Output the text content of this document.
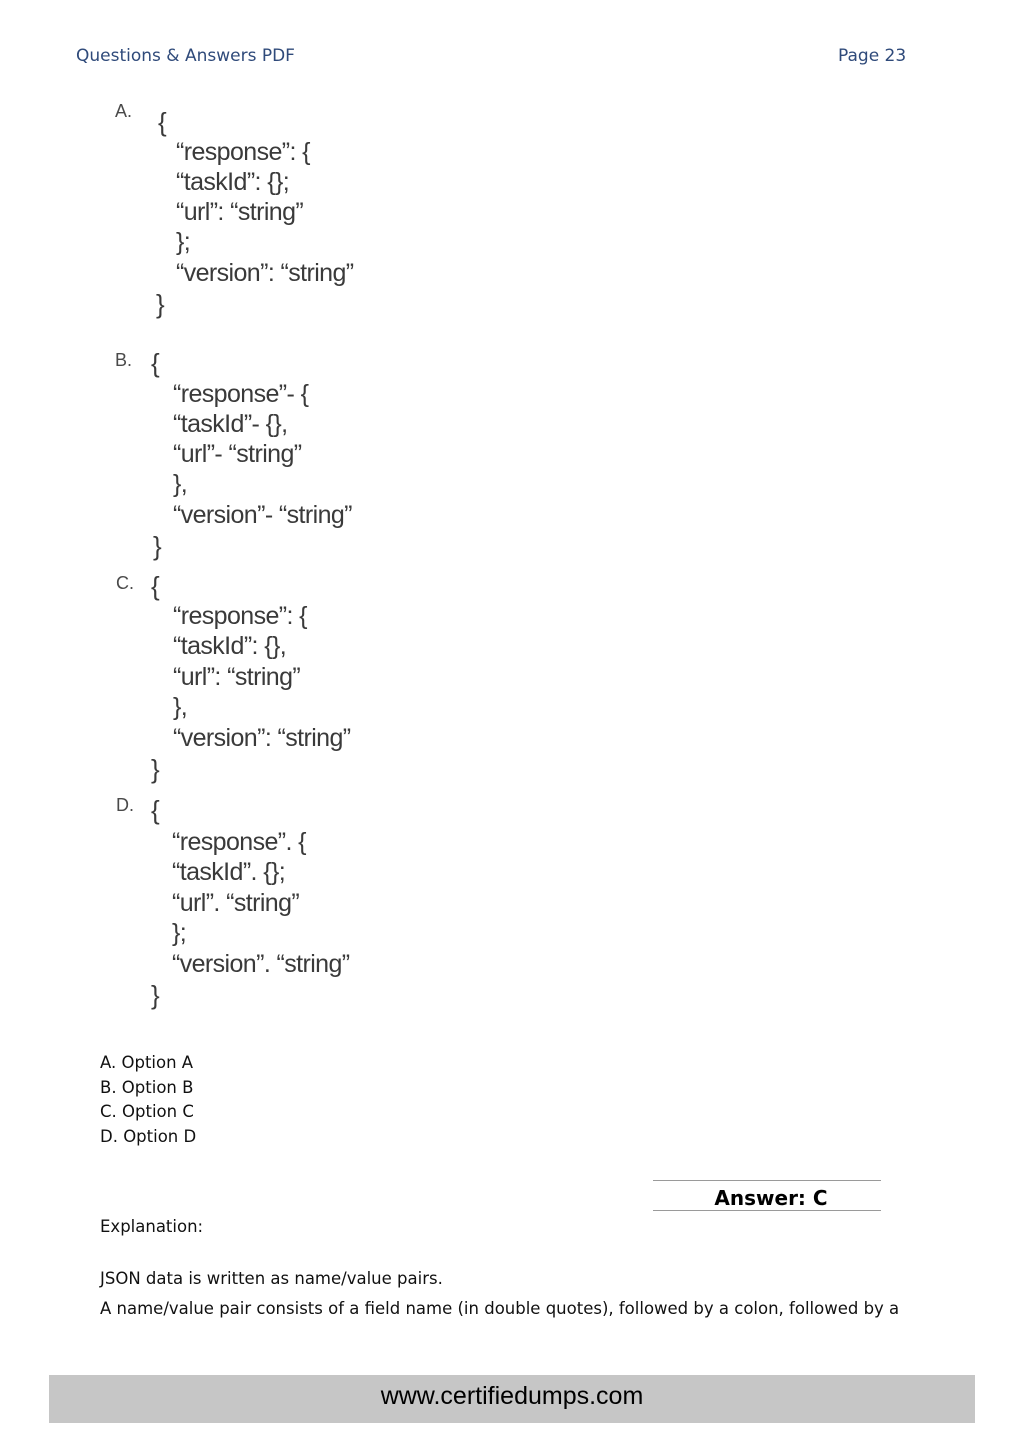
Questions & Answers PDF	Page 23
A. {
“response”: {
“taskId”: {};
“url”: “string”
};
“version”: “string”
}
B. {
“response”- {
“taskId”- {},
“url”- “string”
},
“version”- “string”
}
C. {
“response”: {
“taskId”: {},
“url”: “string”
},
“version”: “string”
}
D. {
“response”. {
“taskId”. {};
“url”. “string”
};
“version”. “string”
}
A. Option A
B. Option B
C. Option C
D. Option D
Answer: C
Explanation:
JSON data is written as name/value pairs.
A name/value pair consists of a field name (in double quotes), followed by a colon, followed by a
www.certifiedumps.com
